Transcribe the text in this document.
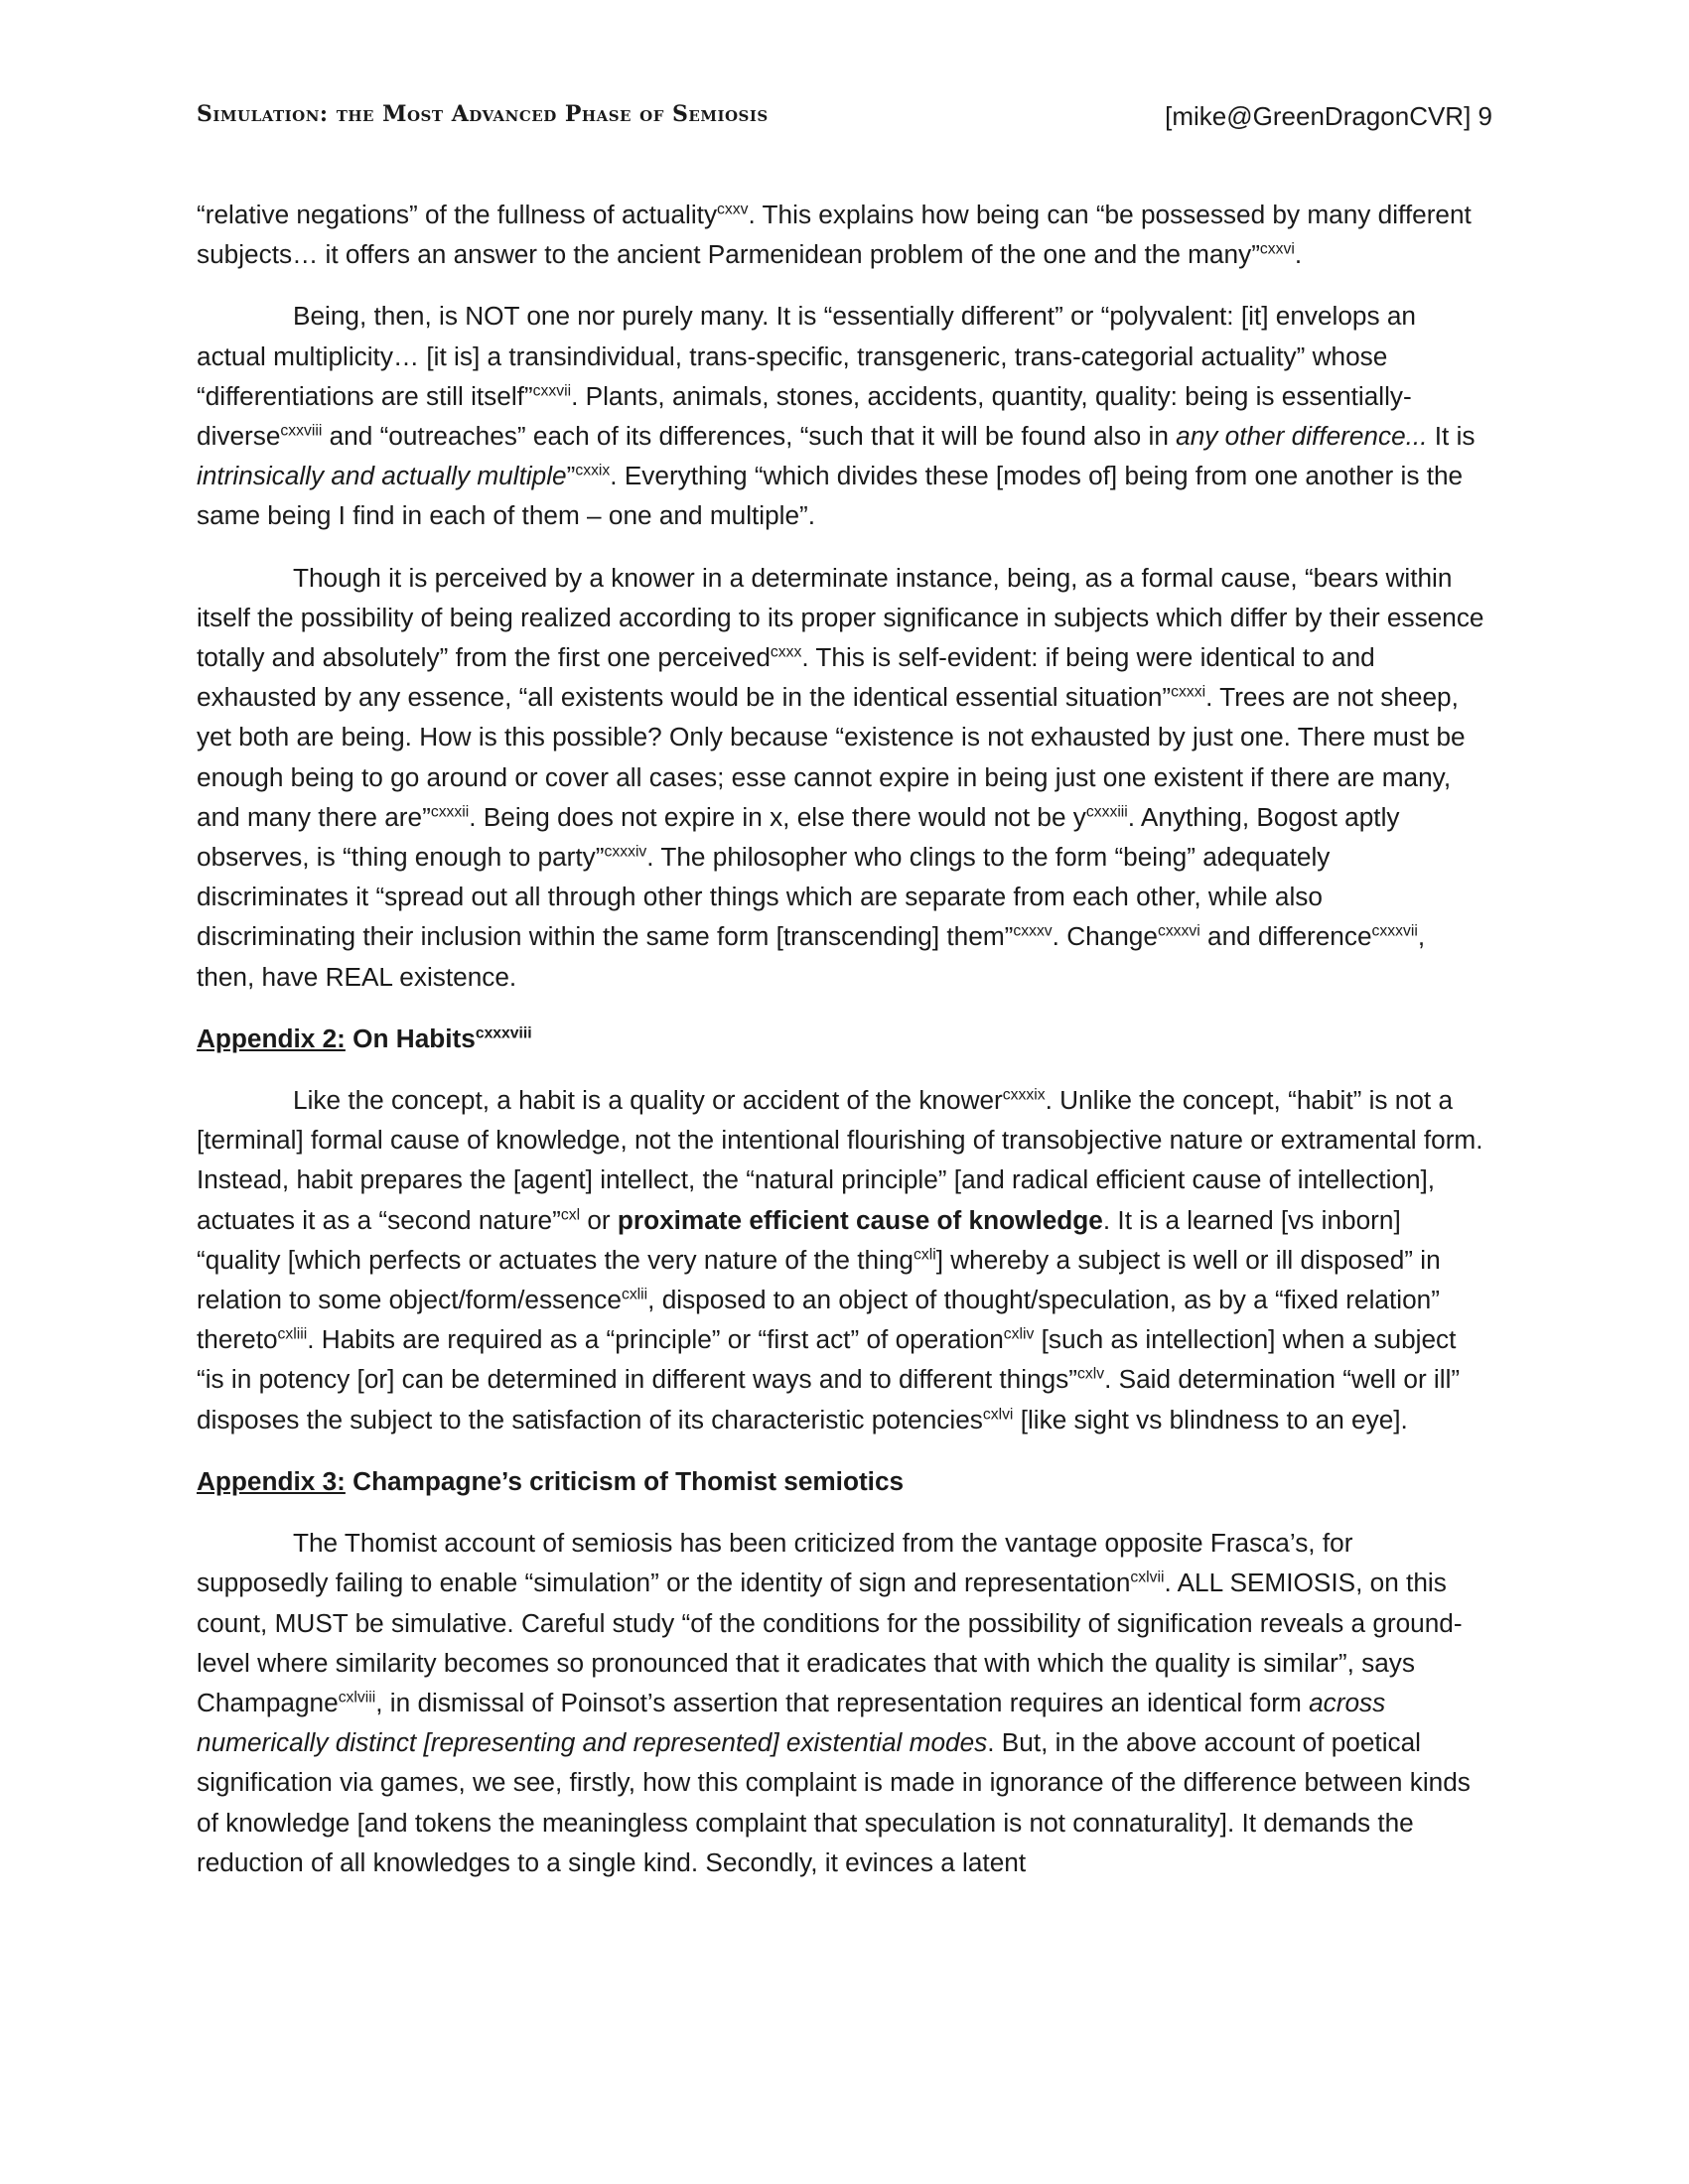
Simulation: the Most Advanced Phase of Semiosis	[mike@GreenDragonCVR] 9

“relative negations” of the fullness of actuality$^{cxxv}$. This explains how being can “be possessed by many different subjects… it offers an answer to the ancient Parmenidean problem of the one and the many”$^{cxxvi}$.

Being, then, is NOT one nor purely many. It is “essentially different” or “polyvalent: [it] envelops an actual multiplicity… [it is] a transindividual, trans-specific, transgeneric, trans-categorial actuality” whose “differentiations are still itself”$^{cxxvii}$. Plants, animals, stones, accidents, quantity, quality: being is essentially-diverse$^{cxxviii}$ and “outreaches” each of its differences, “such that it will be found also in any other difference... It is intrinsically and actually multiple”$^{cxxix}$. Everything “which divides these [modes of] being from one another is the same being I find in each of them – one and multiple”.

Though it is perceived by a knower in a determinate instance, being, as a formal cause, “bears within itself the possibility of being realized according to its proper significance in subjects which differ by their essence totally and absolutely” from the first one perceived$^{cxxx}$. This is self-evident: if being were identical to and exhausted by any essence, “all existents would be in the identical essential situation”$^{cxxxi}$. Trees are not sheep, yet both are being. How is this possible? Only because “existence is not exhausted by just one. There must be enough being to go around or cover all cases; esse cannot expire in being just one existent if there are many, and many there are”$^{cxxxii}$. Being does not expire in x, else there would not be $y^{cxxxiii}$. Anything, Bogost aptly observes, is “thing enough to party”$^{cxxxiv}$. The philosopher who clings to the form “being” adequately discriminates it “spread out all through other things which are separate from each other, while also discriminating their inclusion within the same form [transcending] them”$^{cxxxv}$. Change$^{cxxxvi}$ and difference$^{cxxxvii}$, then, have REAL existence.

Appendix 2: On Habits$^{cxxxviii}$

Like the concept, a habit is a quality or accident of the knower$^{cxxxix}$. Unlike the concept, “habit” is not a [terminal] formal cause of knowledge, not the intentional flourishing of transobjective nature or extramental form. Instead, habit prepares the [agent] intellect, the “natural principle” [and radical efficient cause of intellection], actuates it as a “second nature”$^{cxl}$ or proximate efficient cause of knowledge. It is a learned [vs inborn] “quality [which perfects or actuates the very nature of the thing$^{cxli}$] whereby a subject is well or ill disposed” in relation to some object/form/essence$^{cxlii}$, disposed to an object of thought/speculation, as by a “fixed relation” thereto$^{cxliii}$. Habits are required as a “principle” or “first act” of operation$^{cxliv}$ [such as intellection] when a subject “is in potency [or] can be determined in different ways and to different things”$^{cxlv}$. Said determination “well or ill” disposes the subject to the satisfaction of its characteristic potencies$^{cxlvi}$ [like sight vs blindness to an eye].

Appendix 3: Champagne’s criticism of Thomist semiotics

The Thomist account of semiosis has been criticized from the vantage opposite Frasca’s, for supposedly failing to enable “simulation” or the identity of sign and representation$^{cxlvii}$. ALL SEMIOSIS, on this count, MUST be simulative. Careful study “of the conditions for the possibility of signification reveals a ground-level where similarity becomes so pronounced that it eradicates that with which the quality is similar”, says Champagne$^{cxlviii}$, in dismissal of Poinsot’s assertion that representation requires an identical form across numerically distinct [representing and represented] existential modes. But, in the above account of poetical signification via games, we see, firstly, how this complaint is made in ignorance of the difference between kinds of knowledge [and tokens the meaningless complaint that speculation is not connaturality]. It demands the reduction of all knowledges to a single kind. Secondly, it evinces a latent
